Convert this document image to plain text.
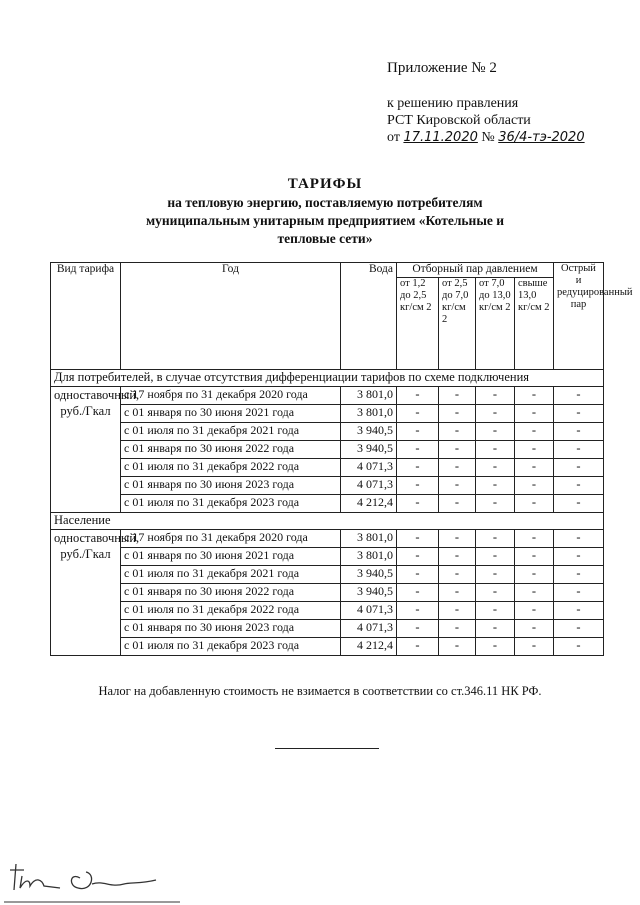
Приложение № 2
к решению правления
РСТ Кировской области
от 17.11.2020 № 36/4-тэ-2020
ТАРИФЫ
на тепловую энергию, поставляемую потребителям
муниципальным унитарным предприятием «Котельные и
тепловые сети»
Вид тарифа	Год	Вода	Отборный пар давлением				Острый и редуцированный пар
			от 1,2 до 2,5 кг/см 2	от 2,5 до 7,0 кг/см 2	от 7,0 до 13,0 кг/см 2	свыше 13,0 кг/см 2	
Для потребителей, в случае отсутствия дифференциации тарифов по схеме подключения							
одноставочный, руб./Гкал	с 17 ноября по 31 декабря 2020 года	3 801,0	-	-	-	-	-
	с 01 января по 30 июня 2021 года	3 801,0	-	-	-	-	-
	с 01 июля по 31 декабря 2021 года	3 940,5	-	-	-	-	-
	с 01 января по 30 июня 2022 года	3 940,5	-	-	-	-	-
	с 01 июля по 31 декабря 2022 года	4 071,3	-	-	-	-	-
	с 01 января по 30 июня 2023 года	4 071,3	-	-	-	-	-
	с 01 июля по 31 декабря 2023 года	4 212,4	-	-	-	-	-
Население							
одноставочный, руб./Гкал	с 17 ноября по 31 декабря 2020 года	3 801,0	-	-	-	-	-
	с 01 января по 30 июня 2021 года	3 801,0	-	-	-	-	-
	с 01 июля по 31 декабря 2021 года	3 940,5	-	-	-	-	-
	с 01 января по 30 июня 2022 года	3 940,5	-	-	-	-	-
	с 01 июля по 31 декабря 2022 года	4 071,3	-	-	-	-	-
	с 01 января по 30 июня 2023 года	4 071,3	-	-	-	-	-
	с 01 июля по 31 декабря 2023 года	4 212,4	-	-	-	-	-
Налог на добавленную стоимость не взимается в соответствии со ст.346.11 НК РФ.
